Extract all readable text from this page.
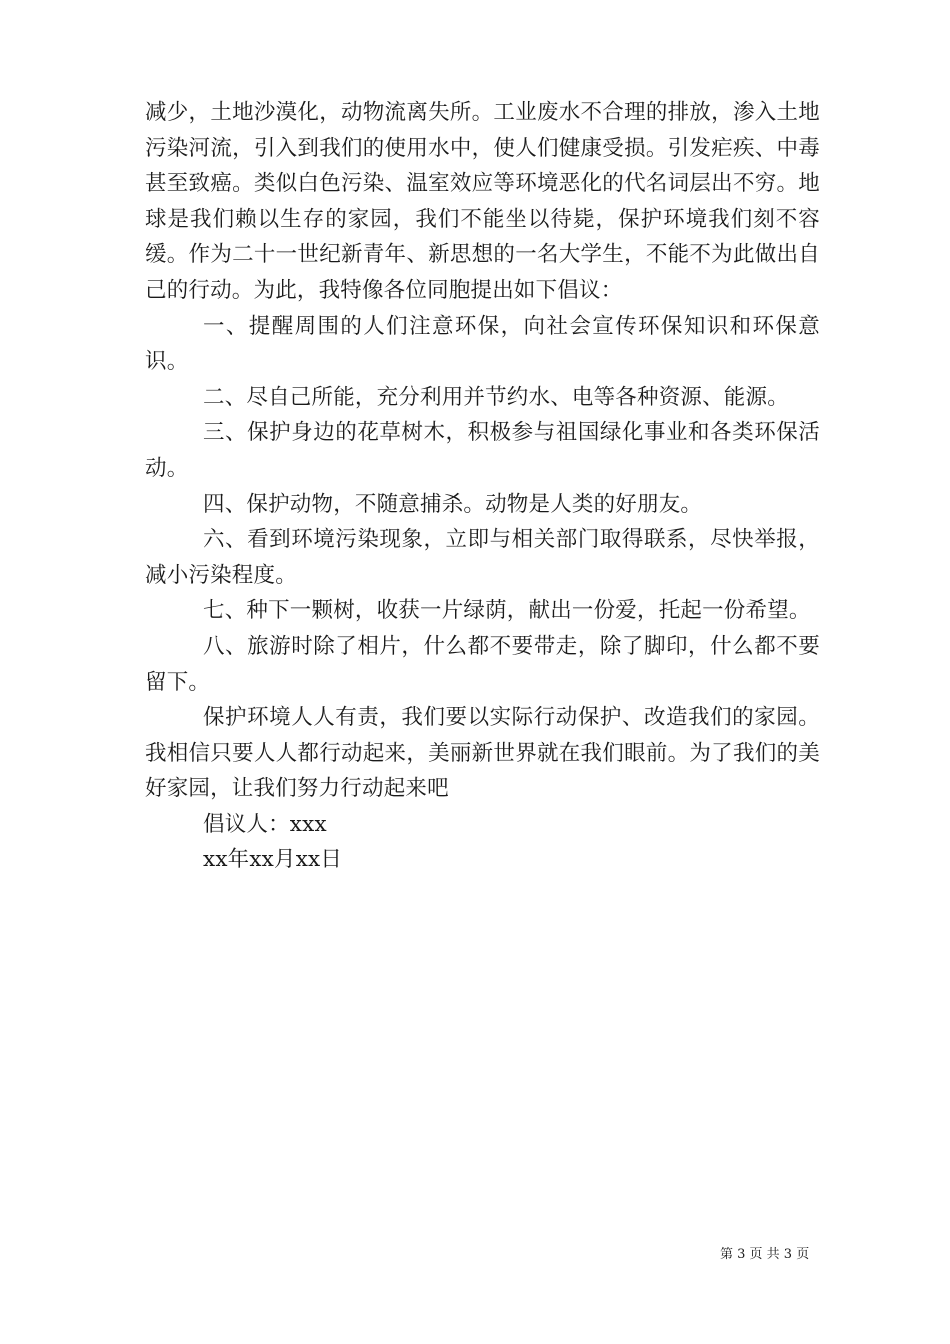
减少，土地沙漠化，动物流离失所。工业废水不合理的排放，渗入土地污染河流，引入到我们的使用水中，使人们健康受损。引发疟疾、中毒甚至致癌。类似白色污染、温室效应等环境恶化的代名词层出不穷。地球是我们赖以生存的家园，我们不能坐以待毙，保护环境我们刻不容缓。作为二十一世纪新青年、新思想的一名大学生，不能不为此做出自己的行动。为此，我特像各位同胞提出如下倡议：

一、提醒周围的人们注意环保，向社会宣传环保知识和环保意识。

二、尽自己所能，充分利用并节约水、电等各种资源、能源。

三、保护身边的花草树木，积极参与祖国绿化事业和各类环保活动。

四、保护动物，不随意捕杀。动物是人类的好朋友。

六、看到环境污染现象，立即与相关部门取得联系，尽快举报，减小污染程度。

七、种下一颗树，收获一片绿荫，献出一份爱，托起一份希望。

八、旅游时除了相片，什么都不要带走，除了脚印，什么都不要留下。

保护环境人人有责，我们要以实际行动保护、改造我们的家园。我相信只要人人都行动起来，美丽新世界就在我们眼前。为了我们的美好家园，让我们努力行动起来吧

倡议人：xxx

xx年xx月xx日

第 3 页 共 3 页
